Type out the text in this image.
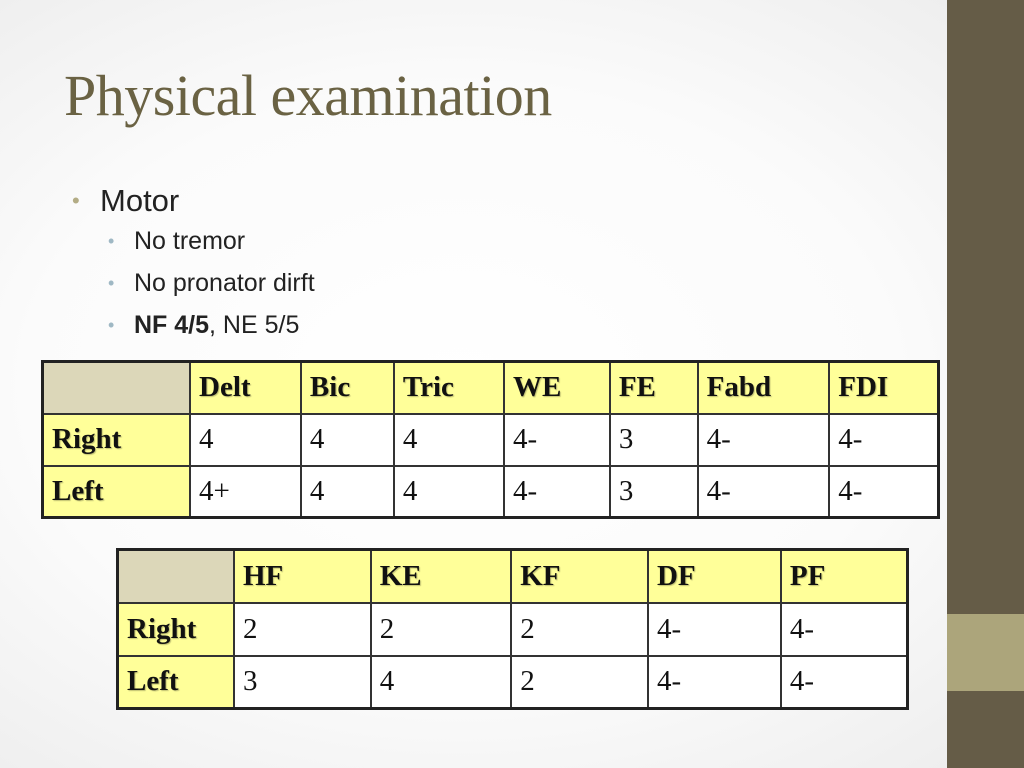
Physical examination
• Motor
• No tremor
• No pronator dirft
• NF 4/5, NE 5/5
	Delt	Bic	Tric	WE	FE	Fabd	FDI
Right	4	4	4	4-	3	4-	4-
Left	4+	4	4	4-	3	4-	4-
	HF	KE	KF	DF	PF
Right	2	2	2	4-	4-
Left	3	4	2	4-	4-
